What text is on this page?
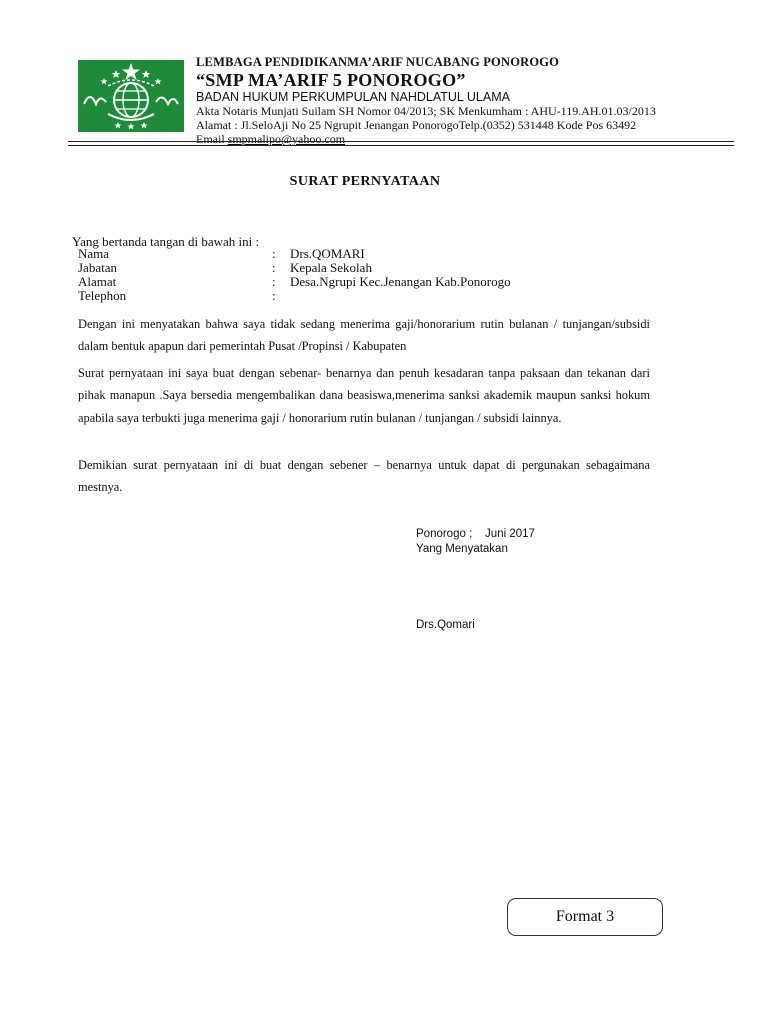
LEMBAGA PENDIDIKANMA’ARIF NUCABANG PONOROGO
“SMP MA’ARIF 5 PONOROGO”
BADAN HUKUM PERKUMPULAN NAHDLATUL ULAMA
Akta Notaris Munjati Suilam SH Nomor 04/2013; SK Menkumham : AHU-119.AH.01.03/2013
Alamat : Jl.SeloAji No 25 Ngrupit Jenangan PonorogoTelp.(0352) 531448 Kode Pos 63492
Email smpmalipo@yahoo.com
SURAT PERNYATAAN
Yang bertanda tangan di bawah ini :
Nama	:	Drs.QOMARI
Jabatan	:	Kepala Sekolah
Alamat	:	Desa.Ngrupi Kec.Jenangan Kab.Ponorogo
Telephon	:	
Dengan ini menyatakan bahwa saya tidak sedang menerima gaji/honorarium rutin bulanan / tunjangan/subsidi dalam bentuk apapun dari pemerintah Pusat /Propinsi / Kabupaten
Surat pernyataan ini saya buat dengan sebenar- benarnya dan penuh kesadaran tanpa paksaan dan tekanan dari pihak manapun .Saya bersedia mengembalikan dana beasiswa,menerima sanksi akademik maupun sanksi hokum apabila saya terbukti juga menerima gaji / honorarium rutin bulanan / tunjangan / subsidi lainnya.
Demikian surat pernyataan ini di buat dengan sebener – benarnya untuk dapat di pergunakan sebagaimana mestnya.
Ponorogo ;    Juni 2017
Yang Menyatakan
Drs.Qomari
Format 3
